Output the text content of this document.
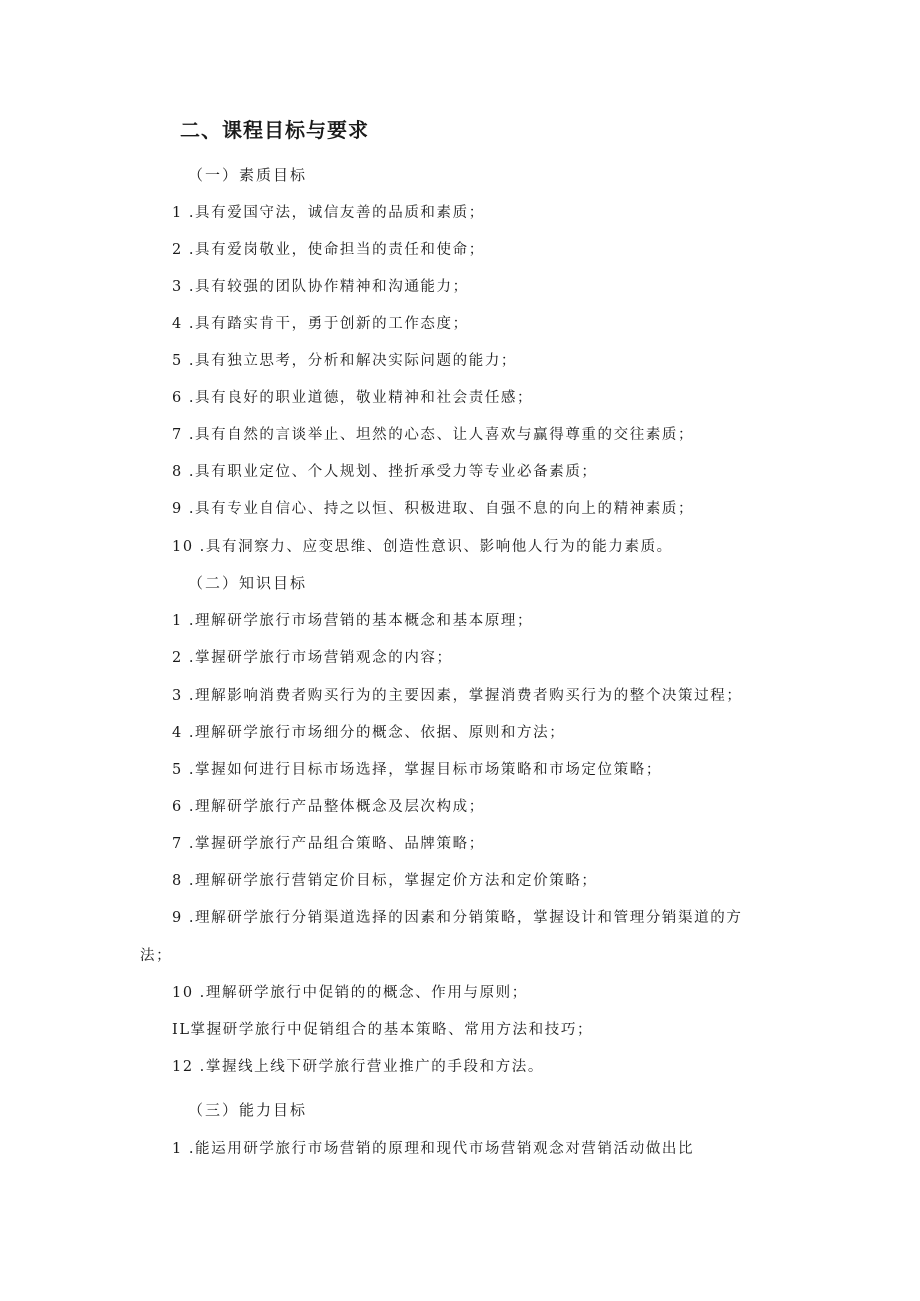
二、课程目标与要求
（一）素质目标
1 .具有爱国守法，诚信友善的品质和素质；
2 .具有爱岗敬业，使命担当的责任和使命；
3 .具有较强的团队协作精神和沟通能力；
4 .具有踏实肯干，勇于创新的工作态度；
5 .具有独立思考，分析和解决实际问题的能力；
6 .具有良好的职业道德，敬业精神和社会责任感；
7 .具有自然的言谈举止、坦然的心态、让人喜欢与赢得尊重的交往素质；
8 .具有职业定位、个人规划、挫折承受力等专业必备素质；
9 .具有专业自信心、持之以恒、积极进取、自强不息的向上的精神素质；
10 .具有洞察力、应变思维、创造性意识、影响他人行为的能力素质。
（二）知识目标
1 .理解研学旅行市场营销的基本概念和基本原理；
2 .掌握研学旅行市场营销观念的内容；
3 .理解影响消费者购买行为的主要因素，掌握消费者购买行为的整个决策过程；
4 .理解研学旅行市场细分的概念、依据、原则和方法；
5 .掌握如何进行目标市场选择，掌握目标市场策略和市场定位策略；
6 .理解研学旅行产品整体概念及层次构成；
7 .掌握研学旅行产品组合策略、品牌策略；
8 .理解研学旅行营销定价目标，掌握定价方法和定价策略；
9 .理解研学旅行分销渠道选择的因素和分销策略，掌握设计和管理分销渠道的方
法；
10 .理解研学旅行中促销的的概念、作用与原则；
IL掌握研学旅行中促销组合的基本策略、常用方法和技巧；
12 .掌握线上线下研学旅行营业推广的手段和方法。
（三）能力目标
1 .能运用研学旅行市场营销的原理和现代市场营销观念对营销活动做出比
